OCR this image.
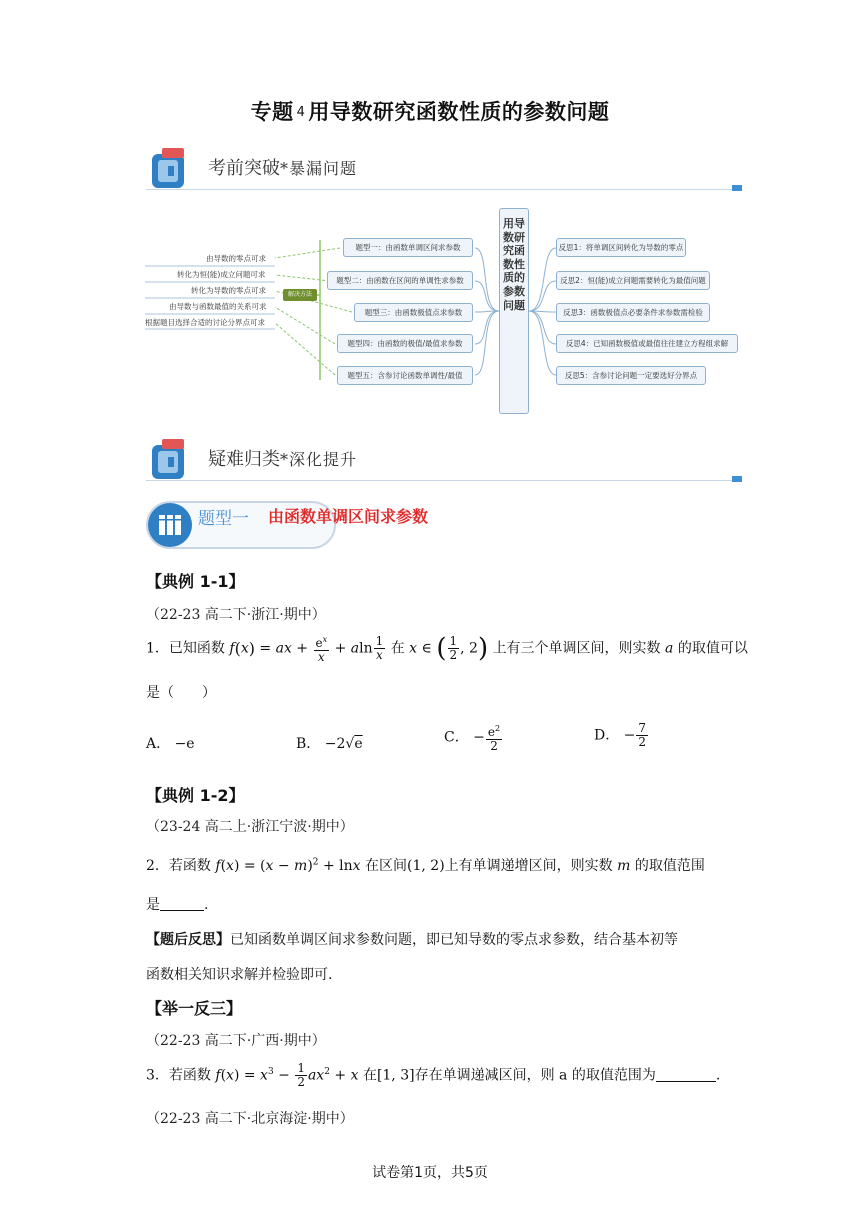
专题 4 用导数研究函数性质的参数问题
考前突破*暴漏问题
由导数的零点可求
转化为恒(能)成立问题可求
转化为导数的零点可求
由导数与函数最值的关系可求
根据题目选择合适的讨论分界点可求
解决方法
题型一：由函数单调区间求参数
题型二：由函数在区间的单调性求参数
题型三：由函数极值点求参数
题型四：由函数的极值/最值求参数
题型五：含参讨论函数单调性/最值
用导数研究函数性质的参数问题
反思1：将单调区间转化为导数的零点
反思2：恒(能)成立问题需要转化为最值问题
反思3：函数极值点必要条件求参数需检验
反思4：已知函数极值或最值往往建立方程组求解
反思5：含参讨论问题一定要选好分界点
疑难归类*深化提升
题型一 由函数单调区间求参数
【典例 1-1】
（22-23 高二下·浙江·期中）
1．已知函数 f(x) = ax + $\frac{e^x}{x} + aln \frac{1}{x}$ 在 x ∈ ( $\frac{1}{2}$ , 2) 上有三个单调区间，则实数 a 的取值可以
是（　　）
A． −e	B． −2√e	C． − $\frac{e^2}{2}$	D． − $\frac{7}{2}$
【典例 1-2】
（23-24 高二上·浙江宁波·期中）
2．若函数 $f(x) = (x - m)^2 + \ln x$ 在区间(1, 2)上有单调递增区间，则实数 m 的取值范围
是	.
【题后反思】已知函数单调区间求参数问题，即已知导数的零点求参数，结合基本初等
函数相关知识求解并检验即可.
【举一反三】
（22-23 高二下·广西·期中）
3．若函数 $f(x) = x^3 - \frac{1}{2} ax^2 + x$ 在[1, 3]存在单调递减区间，则 a 的取值范围为	.
（22-23 高二下·北京海淀·期中）
试卷第1页，共5页
